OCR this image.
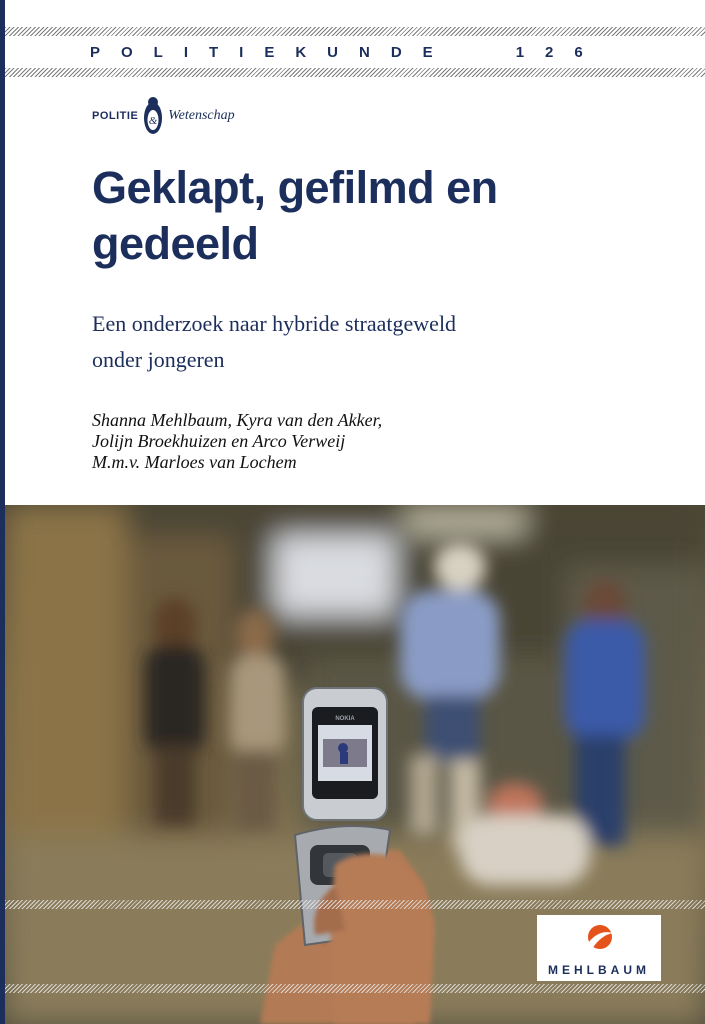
POLITIEKUNDE	126
POLITIE & Wetenschap
Geklapt, gefilmd en gedeeld
Een onderzoek naar hybride straatgeweld
onder jongeren
Shanna Mehlbaum, Kyra van den Akker,
Jolijn Broekhuizen en Arco Verweij
M.m.v. Marloes van Lochem
NOKIA
MEHLBAUM
